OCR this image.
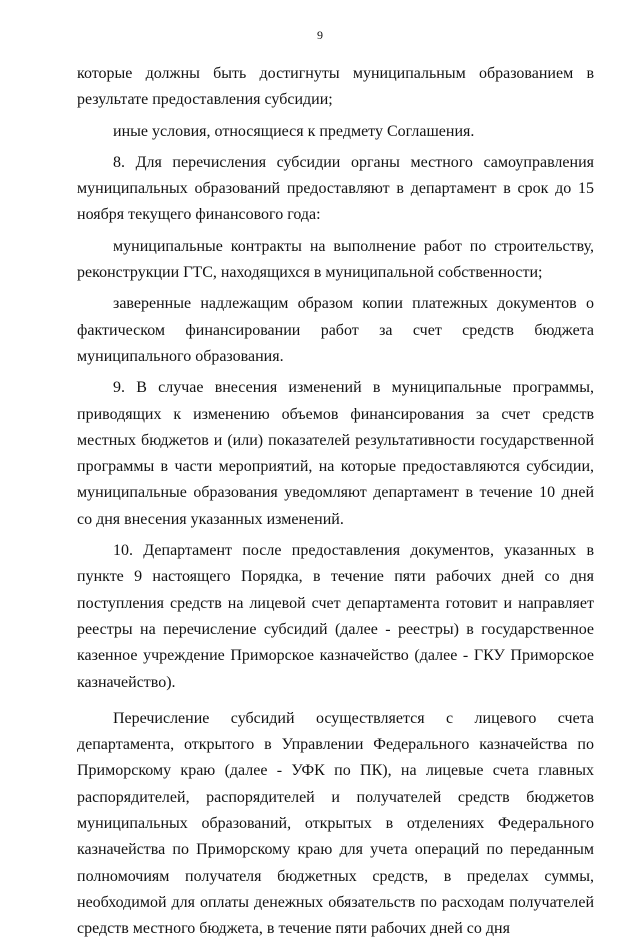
9

которые должны быть достигнуты муниципальным образованием в результате предоставления субсидии;

иные условия, относящиеся к предмету Соглашения.

8. Для перечисления субсидии органы местного самоуправления муниципальных образований предоставляют в департамент в срок до 15 ноября текущего финансового года:

муниципальные контракты на выполнение работ по строительству, реконструкции ГТС, находящихся в муниципальной собственности;

заверенные надлежащим образом копии платежных документов о фактическом финансировании работ за счет средств бюджета муниципального образования.

9. В случае внесения изменений в муниципальные программы, приводящих к изменению объемов финансирования за счет средств местных бюджетов и (или) показателей результативности государственной программы в части мероприятий, на которые предоставляются субсидии, муниципальные образования уведомляют департамент в течение 10 дней со дня внесения указанных изменений.

10. Департамент после предоставления документов, указанных в пункте 9 настоящего Порядка, в течение пяти рабочих дней со дня поступления средств на лицевой счет департамента готовит и направляет реестры на перечисление субсидий (далее - реестры) в государственное казенное учреждение Приморское казначейство (далее - ГКУ Приморское казначейство).

Перечисление субсидий осуществляется с лицевого счета департамента, открытого в Управлении Федерального казначейства по Приморскому краю (далее - УФК по ПК), на лицевые счета главных распорядителей, распорядителей и получателей средств бюджетов муниципальных образований, открытых в отделениях Федерального казначейства по Приморскому краю для учета операций по переданным полномочиям получателя бюджетных средств, в пределах суммы, необходимой для оплаты денежных обязательств по расходам получателей средств местного бюджета, в течение пяти рабочих дней со дня
